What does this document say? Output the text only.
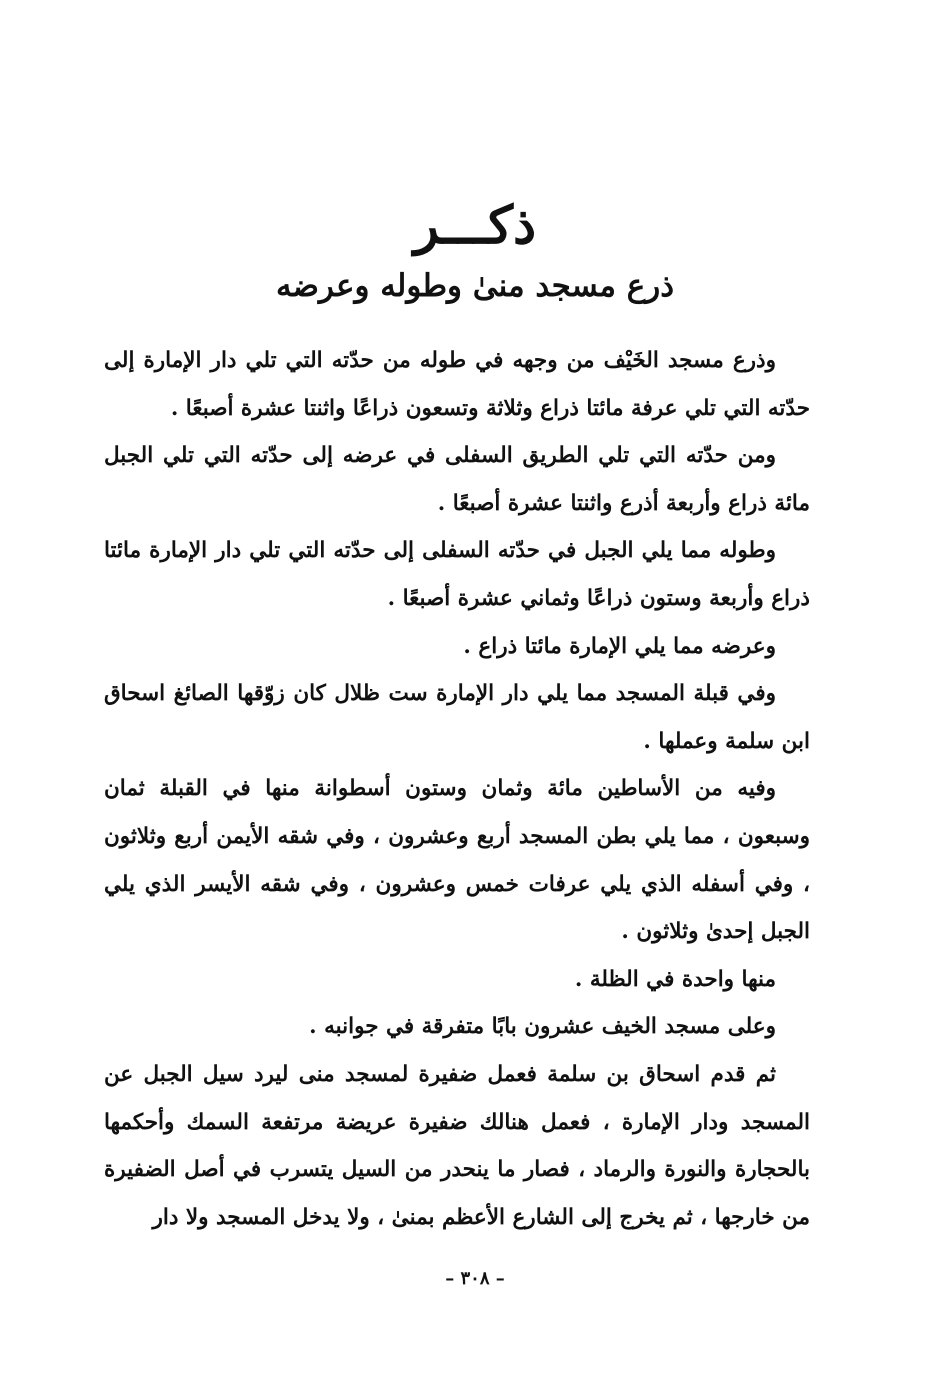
ذكـــر
ذرع مسجد منىٰ وطوله وعرضه

وذرع مسجد الخَيْف من وجهه في طوله من حدّته التي تلي دار الإمارة إلى حدّته التي تلي عرفة مائتا ذراع وثلاثة وتسعون ذراعًا واثنتا عشرة أصبعًا .

ومن حدّته التي تلي الطريق السفلى في عرضه إلى حدّته التي تلي الجبل مائة ذراع وأربعة أذرع واثنتا عشرة أصبعًا .

وطوله مما يلي الجبل في حدّته السفلى إلى حدّته التي تلي دار الإمارة مائتا ذراع وأربعة وستون ذراعًا وثماني عشرة أصبعًا .

وعرضه مما يلي الإمارة مائتا ذراع .

وفي قبلة المسجد مما يلي دار الإمارة ست ظلال كان زوّقها الصائغ اسحاق ابن سلمة وعملها .

وفيه من الأساطين مائة وثمان وستون أسطوانة منها في القبلة ثمان وسبعون ، مما يلي بطن المسجد أربع وعشرون ، وفي شقه الأيمن أربع وثلاثون ، وفي أسفله الذي يلي عرفات خمس وعشرون ، وفي شقه الأيسر الذي يلي الجبل إحدىٰ وثلاثون .

منها واحدة في الظلة .

وعلى مسجد الخيف عشرون بابًا متفرقة في جوانبه .

ثم قدم اسحاق بن سلمة فعمل ضفيرة لمسجد منى ليرد سيل الجبل عن المسجد ودار الإمارة ، فعمل هنالك ضفيرة عريضة مرتفعة السمك وأحكمها بالحجارة والنورة والرماد ، فصار ما ينحدر من السيل يتسرب في أصل الضفيرة من خارجها ، ثم يخرج إلى الشارع الأعظم بمنىٰ ، ولا يدخل المسجد ولا دار

– ٣٠٨ –
